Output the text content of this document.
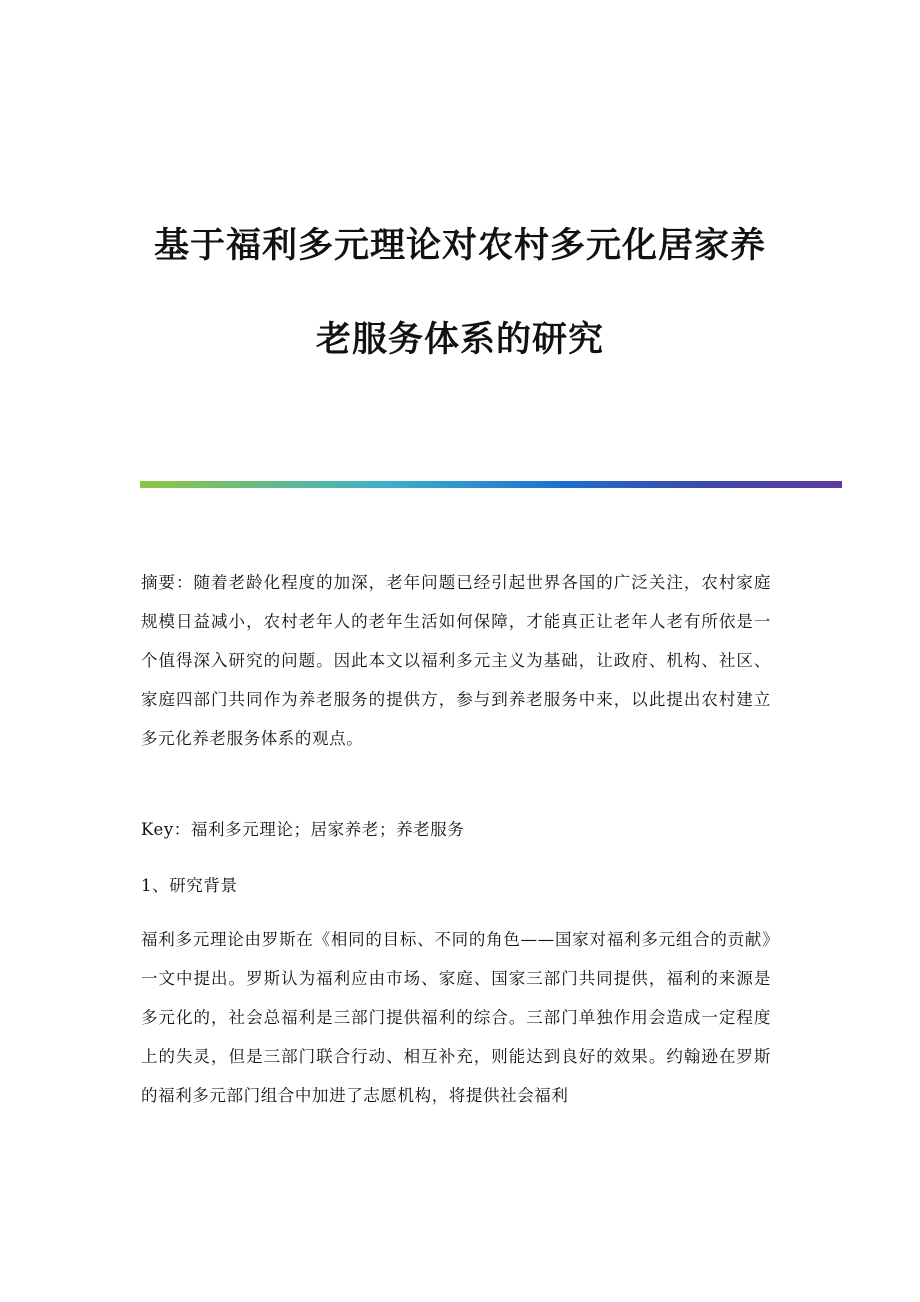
基于福利多元理论对农村多元化居家养
老服务体系的研究

摘要：随着老龄化程度的加深，老年问题已经引起世界各国的广泛关注，农村家庭规模日益减小，农村老年人的老年生活如何保障，才能真正让老年人老有所依是一个值得深入研究的问题。因此本文以福利多元主义为基础，让政府、机构、社区、家庭四部门共同作为养老服务的提供方，参与到养老服务中来，以此提出农村建立多元化养老服务体系的观点。

Key：福利多元理论；居家养老；养老服务

1、研究背景

福利多元理论由罗斯在《相同的目标、不同的角色——国家对福利多元组合的贡献》一文中提出。罗斯认为福利应由市场、家庭、国家三部门共同提供，福利的来源是多元化的，社会总福利是三部门提供福利的综合。三部门单独作用会造成一定程度上的失灵，但是三部门联合行动、相互补充，则能达到良好的效果。约翰逊在罗斯的福利多元部门组合中加进了志愿机构，将提供社会福利
